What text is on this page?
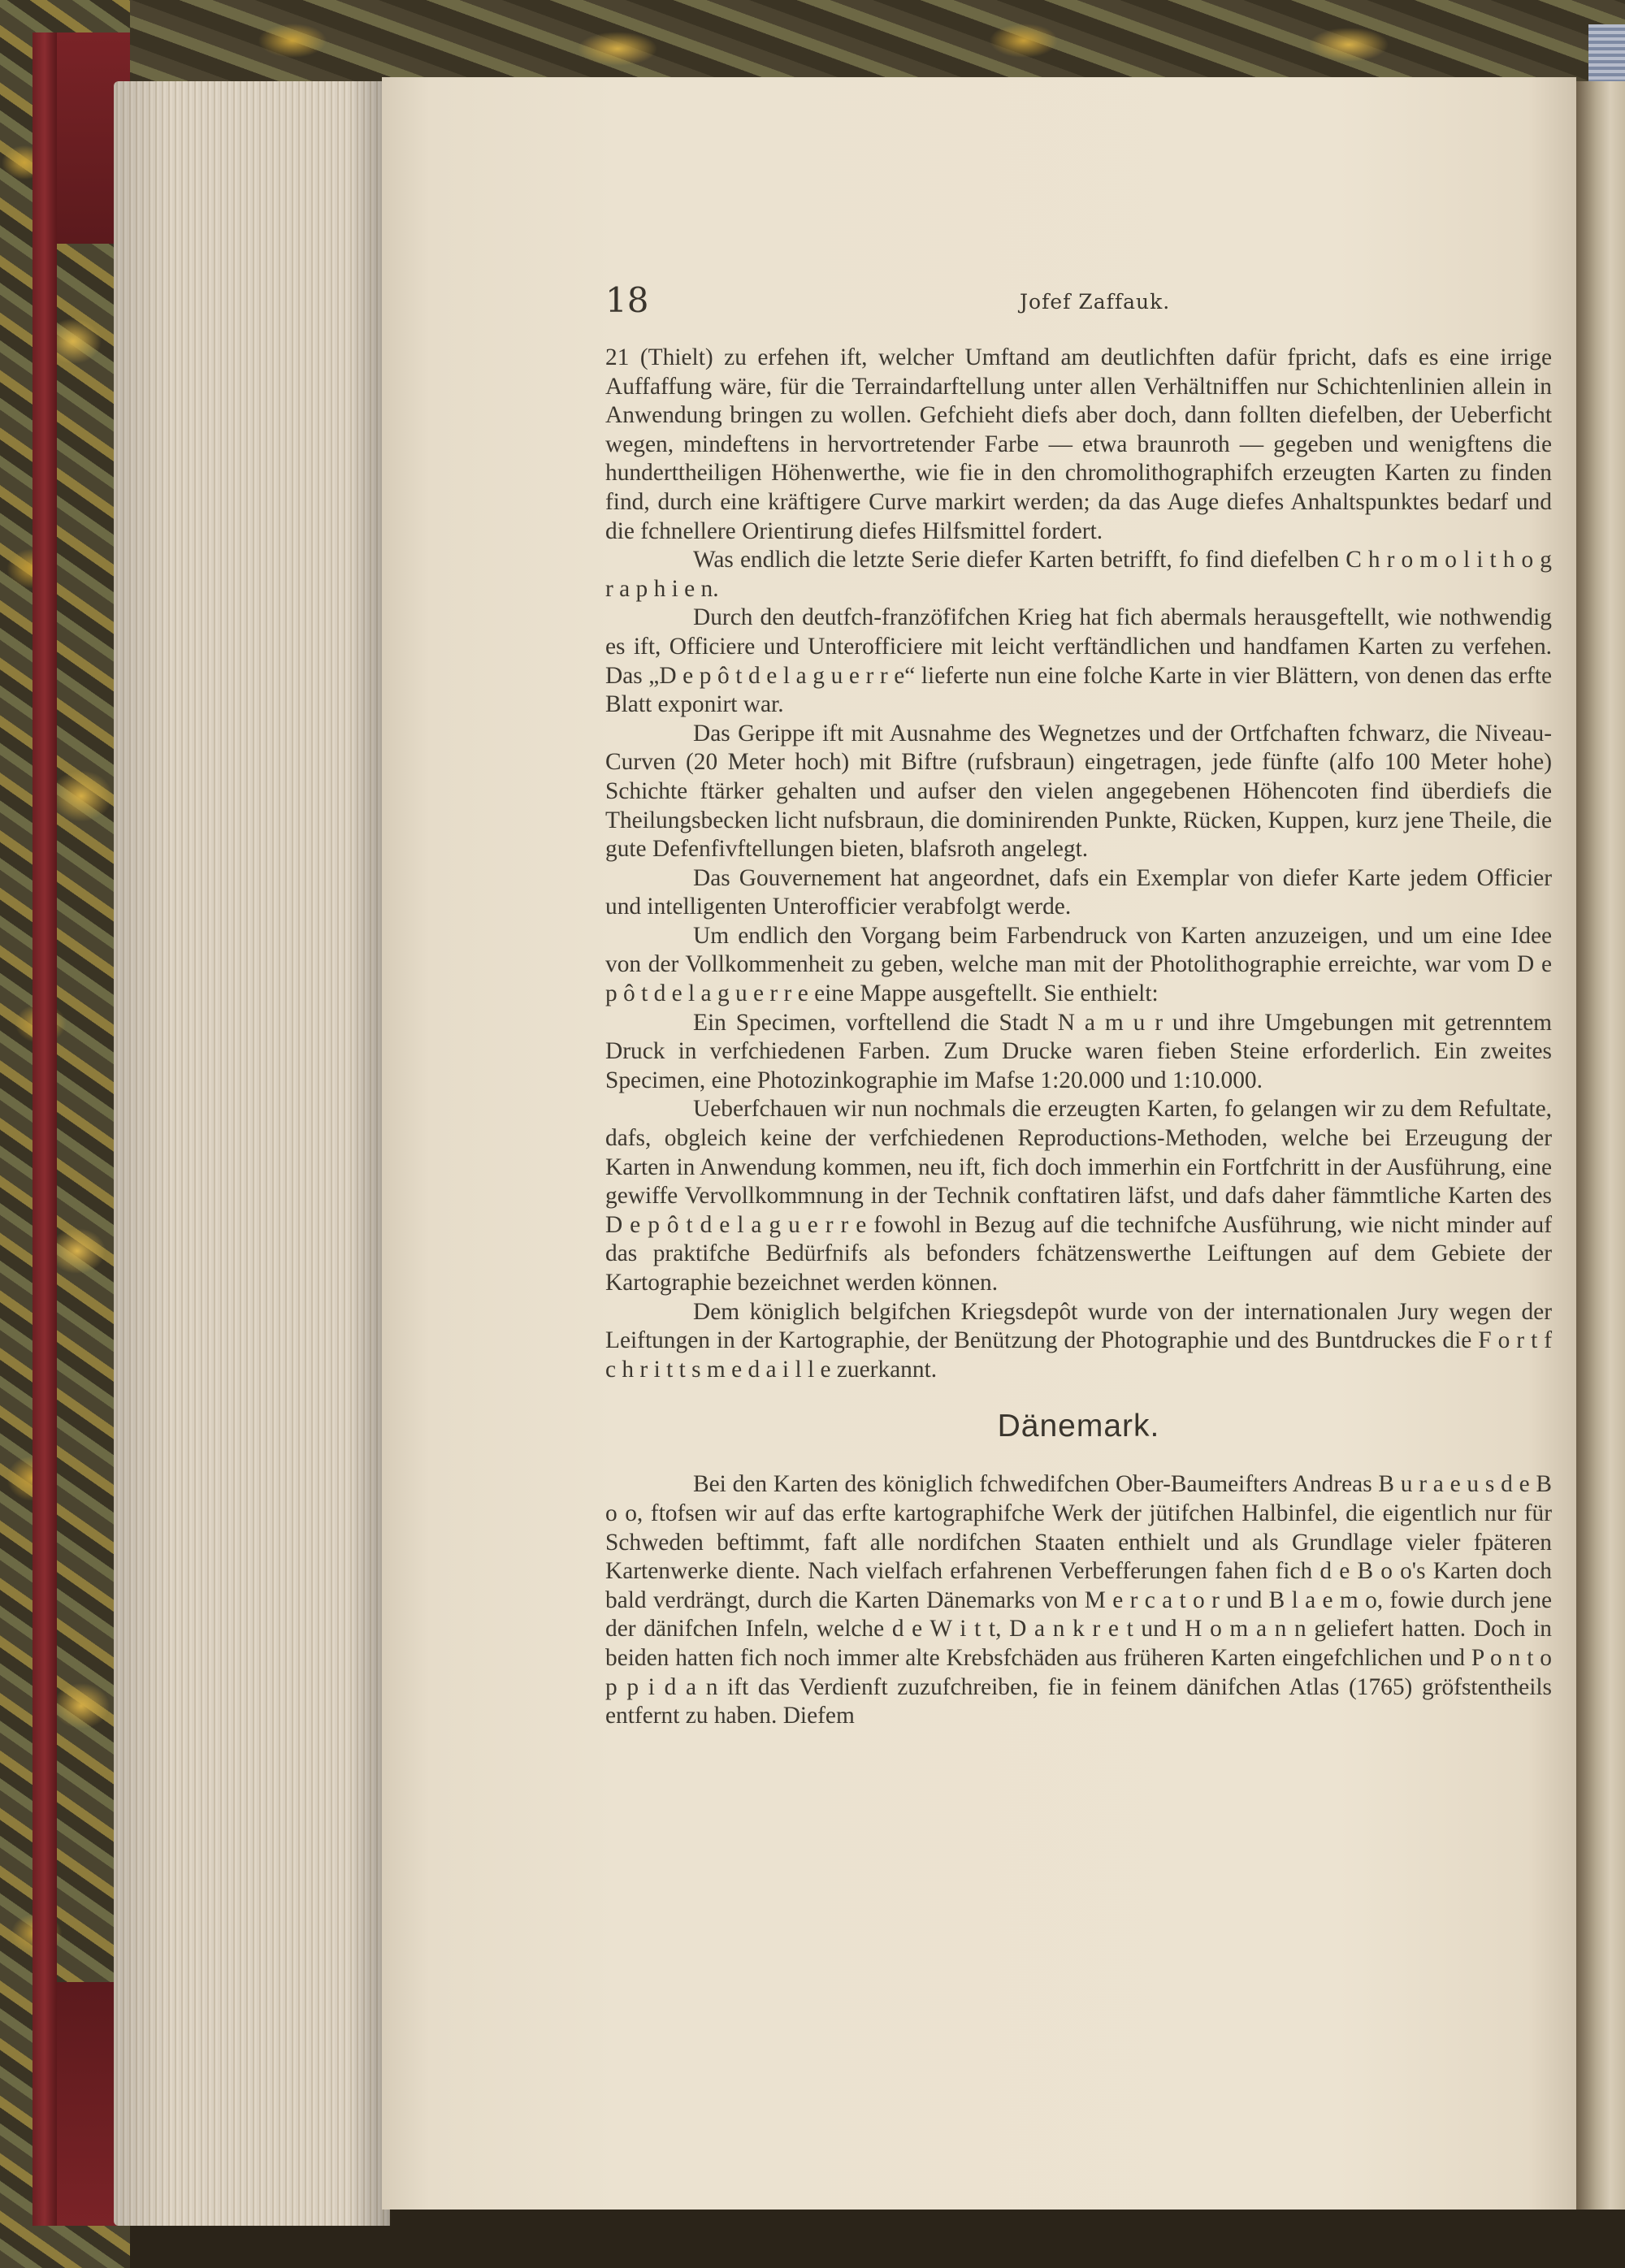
18	Jofef Zaffauk.

21 (Thielt) zu erfehen ift, welcher Umftand am deutlichften dafür fpricht, dafs es eine irrige Auffaffung wäre, für die Terraindarftellung unter allen Verhältniffen nur Schichtenlinien allein in Anwendung bringen zu wollen. Gefchieht diefs aber doch, dann follten diefelben, der Ueberficht wegen, mindeftens in hervortretender Farbe — etwa braunroth — gegeben und wenigftens die hunderttheiligen Höhenwerthe, wie fie in den chromolithographifch erzeugten Karten zu finden find, durch eine kräftigere Curve markirt werden; da das Auge diefes Anhaltspunktes bedarf und die fchnellere Orientirung diefes Hilfsmittel fordert.

Was endlich die letzte Serie diefer Karten betrifft, fo find diefelben C h r o m o l i t h o g r a p h i e n.

Durch den deutfch-franzöfifchen Krieg hat fich abermals herausgeftellt, wie nothwendig es ift, Officiere und Unterofficiere mit leicht verftändlichen und handfamen Karten zu verfehen. Das „D e p ô t d e l a g u e r r e“ lieferte nun eine folche Karte in vier Blättern, von denen das erfte Blatt exponirt war.

Das Gerippe ift mit Ausnahme des Wegnetzes und der Ortfchaften fchwarz, die Niveau-Curven (20 Meter hoch) mit Biftre (rufsbraun) eingetragen, jede fünfte (alfo 100 Meter hohe) Schichte ftärker gehalten und aufser den vielen angegebenen Höhencoten find überdiefs die Theilungsbecken licht nufsbraun, die dominirenden Punkte, Rücken, Kuppen, kurz jene Theile, die gute Defenfivftellungen bieten, blafsroth angelegt.

Das Gouvernement hat angeordnet, dafs ein Exemplar von diefer Karte jedem Officier und intelligenten Unterofficier verabfolgt werde.

Um endlich den Vorgang beim Farbendruck von Karten anzuzeigen, und um eine Idee von der Vollkommenheit zu geben, welche man mit der Photolithographie erreichte, war vom D e p ô t d e l a g u e r r e eine Mappe ausgeftellt. Sie enthielt:

Ein Specimen, vorftellend die Stadt N a m u r und ihre Umgebungen mit getrenntem Druck in verfchiedenen Farben. Zum Drucke waren fieben Steine erforderlich. Ein zweites Specimen, eine Photozinkographie im Mafse 1:20.000 und 1:10.000.

Ueberfchauen wir nun nochmals die erzeugten Karten, fo gelangen wir zu dem Refultate, dafs, obgleich keine der verfchiedenen Reproductions-Methoden, welche bei Erzeugung der Karten in Anwendung kommen, neu ift, fich doch immerhin ein Fortfchritt in der Ausführung, eine gewiffe Vervollkommnung in der Technik conftatiren läfst, und dafs daher fämmtliche Karten des D e p ô t d e l a g u e r r e fowohl in Bezug auf die technifche Ausführung, wie nicht minder auf das praktifche Bedürfnifs als befonders fchätzenswerthe Leiftungen auf dem Gebiete der Kartographie bezeichnet werden können.

Dem königlich belgifchen Kriegsdepôt wurde von der internationalen Jury wegen der Leiftungen in der Kartographie, der Benützung der Photographie und des Buntdruckes die F o r t f c h r i t t s m e d a i l l e zuerkannt.

Dänemark.

Bei den Karten des königlich fchwedifchen Ober-Baumeifters Andreas B u r a e u s d e B o o, ftofsen wir auf das erfte kartographifche Werk der jütifchen Halbinfel, die eigentlich nur für Schweden beftimmt, faft alle nordifchen Staaten enthielt und als Grundlage vieler fpäteren Kartenwerke diente. Nach vielfach erfahrenen Verbefferungen fahen fich d e B o o's Karten doch bald verdrängt, durch die Karten Dänemarks von M e r c a t o r und B l a e m o, fowie durch jene der dänifchen Infeln, welche d e W i t t, D a n k r e t und H o m a n n geliefert hatten. Doch in beiden hatten fich noch immer alte Krebsfchäden aus früheren Karten eingefchlichen und P o n t o p p i d a n ift das Verdienft zuzufchreiben, fie in feinem dänifchen Atlas (1765) gröfstentheils entfernt zu haben. Diefem
